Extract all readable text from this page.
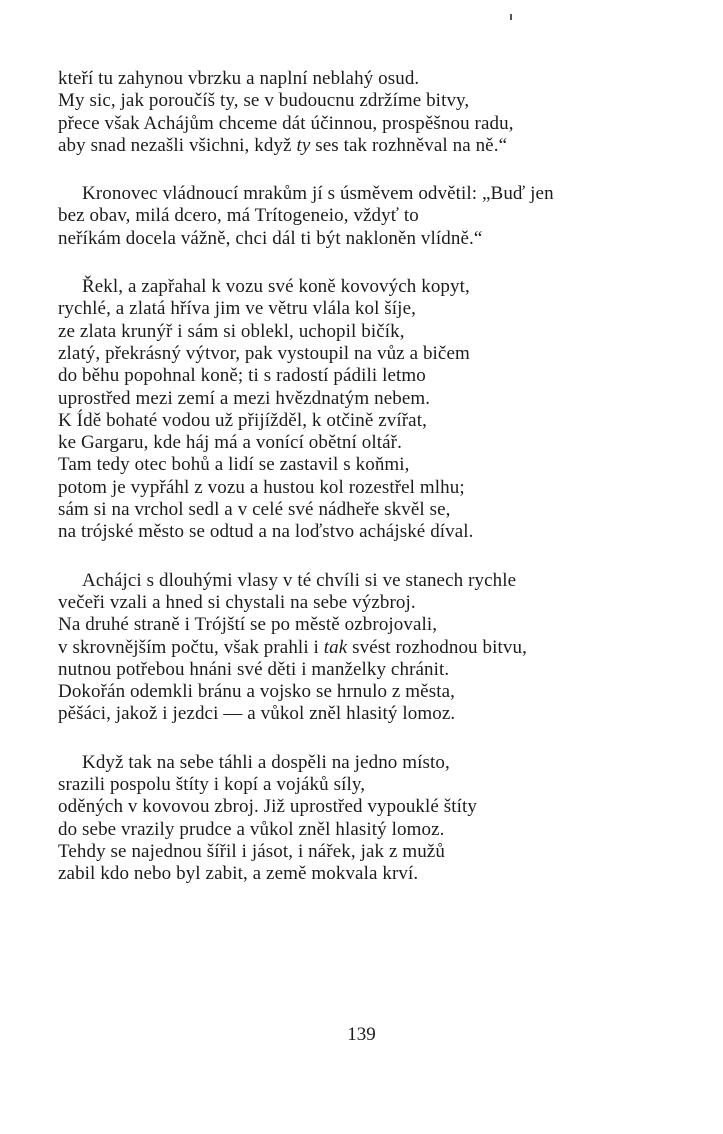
kteří tu zahynou vbrzku a naplní neblahý osud.
My sic, jak poroučíš ty, se v budoucnu zdržíme bitvy,
přece však Achájům chceme dát účinnou, prospěšnou radu,
aby snad nezašli všichni, když ty ses tak rozhněval na ně.“
Kronovec vládnoucí mrakům jí s úsměvem odvětil: „Buď jen
bez obav, milá dcero, má Trítogeneio, vždyť to
neříkám docela vážně, chci dál ti být nakloněn vlídně.“
Řekl, a zapřahal k vozu své koně kovových kopyt,
rychlé, a zlatá hříva jim ve větru vlála kol šíje,
ze zlata krunýř i sám si oblekl, uchopil bičík,
zlatý, překrásný výtvor, pak vystoupil na vůz a bičem
do běhu popohnal koně; ti s radostí pádili letmo
uprostřed mezi zemí a mezi hvězdnatým nebem.
K Ídě bohaté vodou už přijížděl, k otčině zvířat,
ke Gargaru, kde háj má a vonící obětní oltář.
Tam tedy otec bohů a lidí se zastavil s koňmi,
potom je vypřáhl z vozu a hustou kol rozestřel mlhu;
sám si na vrchol sedl a v celé své nádheře skvěl se,
na trójské město se odtud a na loďstvo achájské díval.
Achájci s dlouhými vlasy v té chvíli si ve stanech rychle
večeři vzali a hned si chystali na sebe výzbroj.
Na druhé straně i Trójští se po městě ozbrojovali,
v skrovnějším počtu, však prahli i tak svést rozhodnou bitvu,
nutnou potřebou hnáni své děti i manželky chránit.
Dokořán odemkli bránu a vojsko se hrnulo z města,
pěšáci, jakož i jezdci — a vůkol zněl hlasitý lomoz.
Když tak na sebe táhli a dospěli na jedno místo,
srazili pospolu štíty i kopí a vojáků síly,
oděných v kovovou zbroj. Již uprostřed vypouklé štíty
do sebe vrazily prudce a vůkol zněl hlasitý lomoz.
Tehdy se najednou šířil i jásot, i nářek, jak z mužů
zabil kdo nebo byl zabit, a země mokvala krví.
139
